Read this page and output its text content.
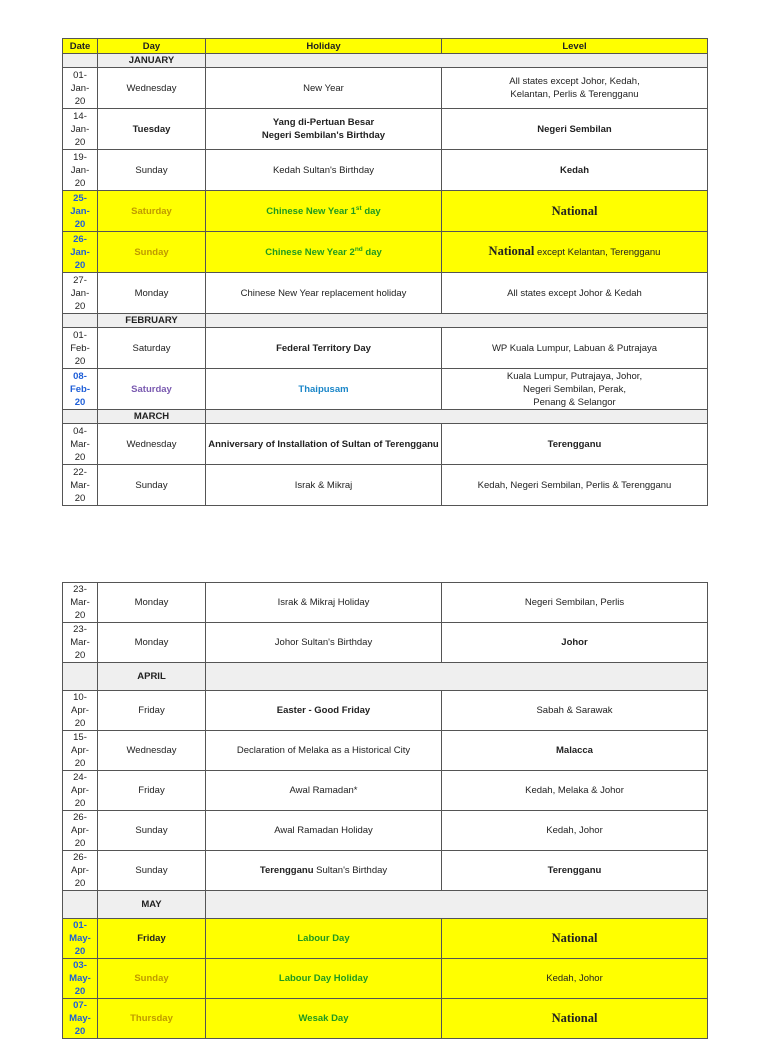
Date	Day	Holiday	Level
	JANUARY		
01-
Jan-
20	Wednesday	New Year	All states except Johor, Kedah,
Kelantan, Perlis & Terengganu
14-
Jan-
20	Tuesday	Yang di-Pertuan Besar
Negeri Sembilan's Birthday	Negeri Sembilan
19-
Jan-
20	Sunday	Kedah Sultan's Birthday	Kedah
25-
Jan-
20	Saturday	Chinese New Year 1st day	National
26-
Jan-
20	Sunday	Chinese New Year 2nd day	National except Kelantan, Terengganu
27-
Jan-
20	Monday	Chinese New Year replacement holiday	All states except Johor & Kedah
	FEBRUARY		
01-
Feb-
20	Saturday	Federal Territory Day	WP Kuala Lumpur, Labuan & Putrajaya
08-
Feb-
20	Saturday	Thaipusam	Kuala Lumpur, Putrajaya, Johor,
Negeri Sembilan, Perak,
Penang & Selangor
	MARCH		
04-
Mar-
20	Wednesday	Anniversary of Installation of Sultan of Terengganu	Terengganu
22-
Mar-
20	Sunday	Israk & Mikraj	Kedah, Negeri Sembilan, Perlis & Terengganu
23-
Mar-
20	Monday	Israk & Mikraj Holiday	Negeri Sembilan, Perlis
23-
Mar-
20	Monday	Johor Sultan's Birthday	Johor
	APRIL		
10-
Apr-
20	Friday	Easter - Good Friday	Sabah & Sarawak
15-
Apr-
20	Wednesday	Declaration of Melaka as a Historical City	Malacca
24-
Apr-
20	Friday	Awal Ramadan*	Kedah, Melaka & Johor
26-
Apr-
20	Sunday	Awal Ramadan Holiday	Kedah, Johor
26-
Apr-
20	Sunday	Terengganu Sultan's Birthday	Terengganu
	MAY		
01-
May-
20	Friday	Labour Day	National
03-
May-
20	Sunday	Labour Day Holiday	Kedah, Johor
07-
May-
20	Thursday	Wesak Day	National
